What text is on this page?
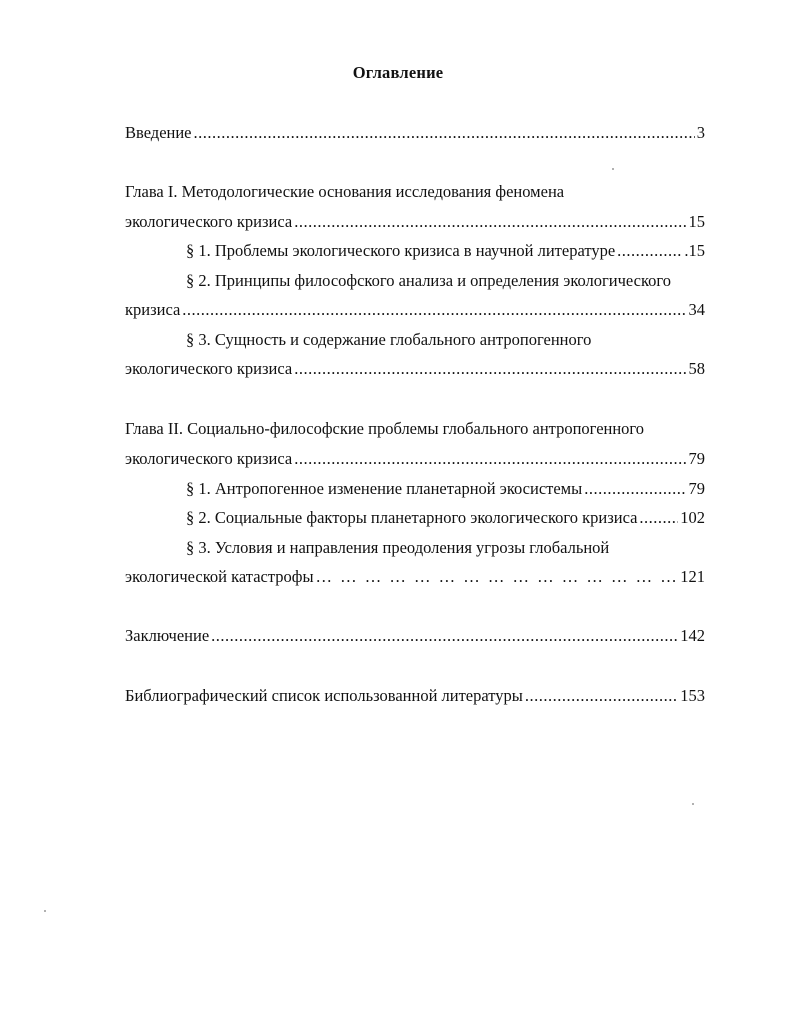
Оглавление
Введение .....	3
Глава I. Методологические основания исследования феномена
экологического кризиса .....	15
§ 1. Проблемы экологического кризиса в научной литературе .....	.15
§ 2. Принципы философского анализа и определения экологического
кризиса .....	34
§ 3. Сущность и содержание глобального антропогенного
экологического кризиса .....	58
Глава II. Социально-философские проблемы глобального антропогенного
экологического кризиса .....	79
§ 1. Антропогенное изменение планетарной экосистемы .....	79
§ 2. Социальные факторы планетарного экологического кризиса .....	102
§ 3. Условия и направления преодоления угрозы глобальной
экологической катастрофы … … … … … … … … … … … … … … … … … … … … … … … … … … … … … … … … … … … … …	121
Заключение .....	142
Библиографический список использованной литературы .....	153
